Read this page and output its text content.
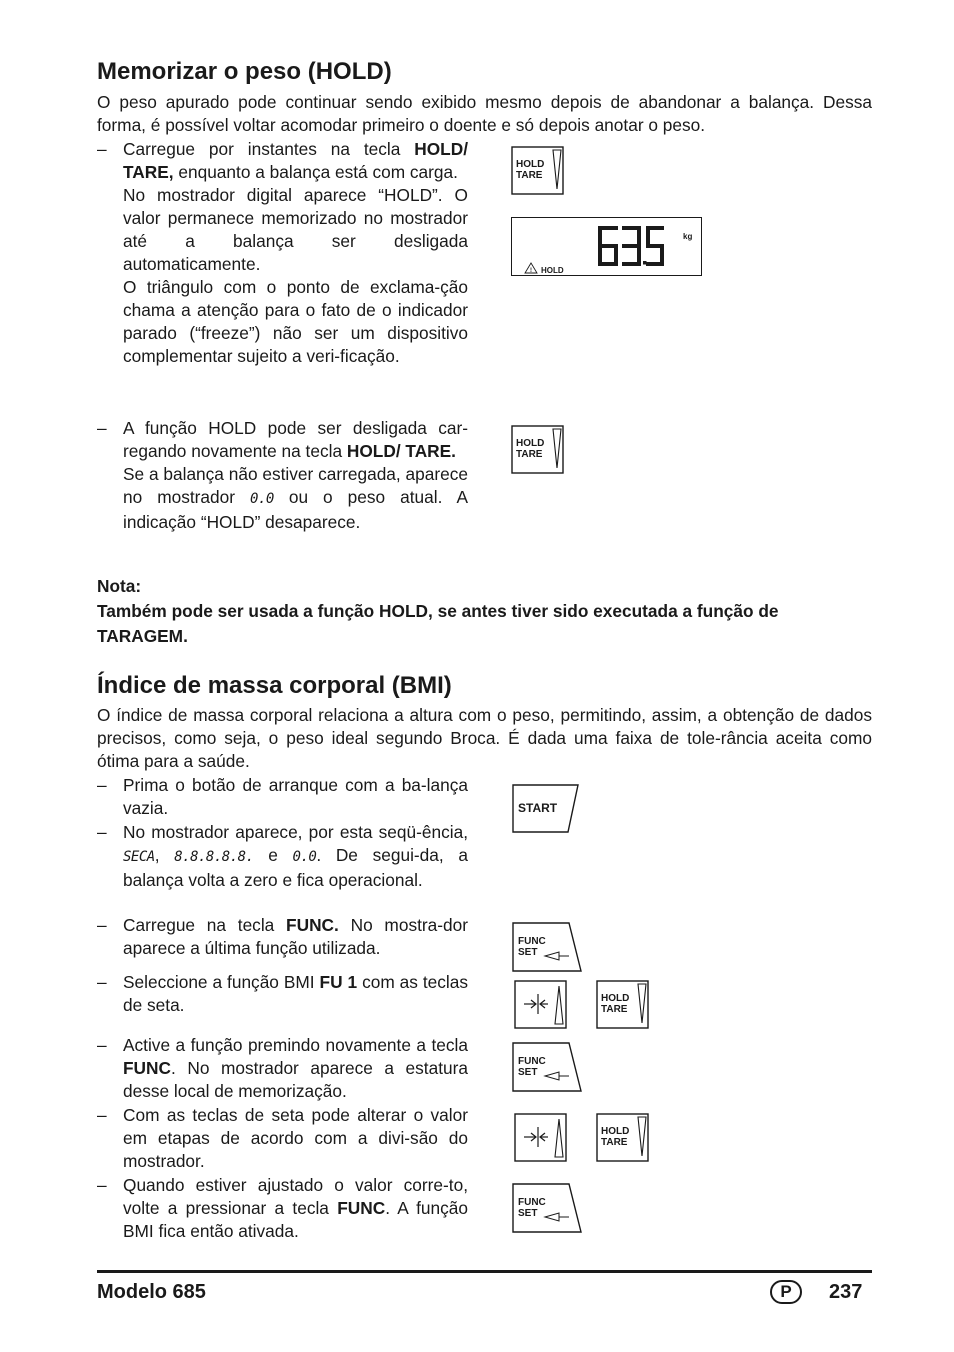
Memorizar o peso (HOLD)

O peso apurado pode continuar sendo exibido mesmo depois de abandonar a balança. Dessa forma, é possível voltar acomodar primeiro o doente e só depois anotar o peso.

– Carregue por instantes na tecla HOLD/ TARE, enquanto a balança está com carga.

No mostrador digital aparece “HOLD”. O valor permanece memorizado no mostrador até a balança ser desligada automaticamente.

O triângulo com o ponto de exclama-ção chama a atenção para o fato de o indicador parado (“freeze”) não ser um dispositivo complementar sujeito a veri-ficação.

– A função HOLD pode ser desligada car-regando novamente na tecla HOLD/ TARE.

Se a balança não estiver carregada, aparece no mostrador 0.0 ou o peso atual. A indicação “HOLD” desaparece.

HOLD
TARE
kg
! HOLD
HOLD
TARE
Nota:
Também pode ser usada a função HOLD, se antes tiver sido executada a função de TARAGEM.
Índice de massa corporal (BMI)

O índice de massa corporal relaciona a altura com o peso, permitindo, assim, a obtenção de dados precisos, como seja, o peso ideal segundo Broca. É dada uma faixa de tole-rância aceita como ótima para a saúde.

– Prima o botão de arranque com a ba-lança vazia.

– No mostrador aparece, por esta seqü-ência, SECA, 8.8.8.8.8. e 0.0. De segui-da, a balança volta a zero e fica operacional.

– Carregue na tecla FUNC. No mostra-dor aparece a última função utilizada.

– Seleccione a função BMI FU 1 com as teclas de seta.

– Active a função premindo novamente a tecla FUNC. No mostrador aparece a estatura desse local de memorização.

– Com as teclas de seta pode alterar o valor em etapas de acordo com a divi-são do mostrador.

– Quando estiver ajustado o valor corre-to, volte a pressionar a tecla FUNC. A função BMI fica então ativada.

START
FUNC
SET
HOLD
TARE
FUNC
SET
HOLD
TARE
FUNC
SET
Modelo 685	P	237
